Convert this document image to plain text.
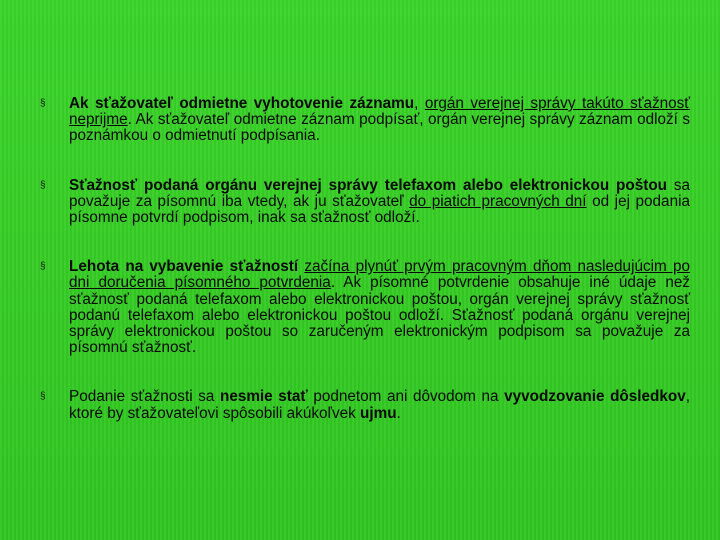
§ Ak sťažovateľ odmietne vyhotovenie záznamu, orgán verejnej správy takúto sťažnosť neprijme. Ak sťažovateľ odmietne záznam podpísať, orgán verejnej správy záznam odloží s poznámkou o odmietnutí podpísania.
§ Sťažnosť podaná orgánu verejnej správy telefaxom alebo elektronickou poštou sa považuje za písomnú iba vtedy, ak ju sťažovateľ do piatich pracovných dní od jej podania písomne potvrdí podpisom, inak sa sťažnosť odloží.
§ Lehota na vybavenie sťažností začína plynúť prvým pracovným dňom nasledujúcim po dni doručenia písomného potvrdenia. Ak písomné potvrdenie obsahuje iné údaje než sťažnosť podaná telefaxom alebo elektronickou poštou, orgán verejnej správy sťažnosť podanú telefaxom alebo elektronickou poštou odloží. Sťažnosť podaná orgánu verejnej správy elektronickou poštou so zaručeným elektronickým podpisom sa považuje za písomnú sťažnosť.
§ Podanie sťažnosti sa nesmie stať podnetom ani dôvodom na vyvodzovanie dôsledkov, ktoré by sťažovateľovi spôsobili akúkoľvek ujmu.
